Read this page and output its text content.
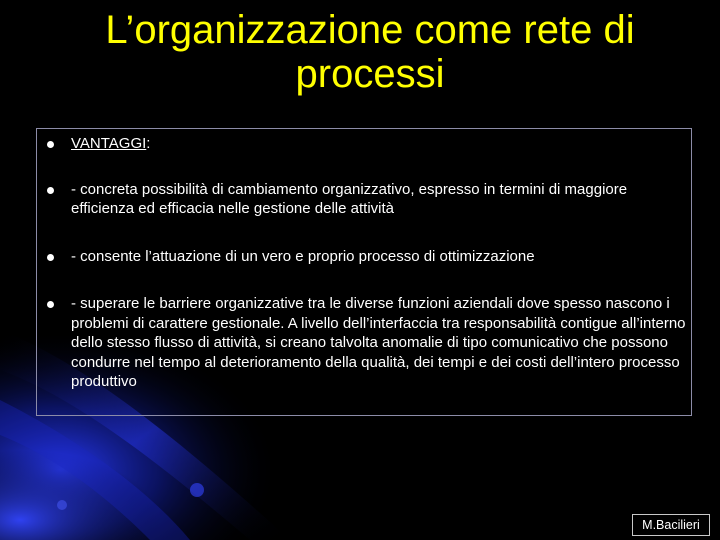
L’organizzazione come rete di processi
VANTAGGI:
- concreta possibilità di cambiamento organizzativo, espresso in termini di maggiore efficienza ed efficacia nelle gestione delle attività
- consente l’attuazione di un vero e proprio processo di ottimizzazione
- superare le barriere organizzative tra le diverse funzioni aziendali dove spesso nascono i problemi di carattere gestionale. A livello dell’interfaccia tra responsabilità contigue all’interno dello stesso flusso di attività, si creano talvolta anomalie di tipo comunicativo che possono condurre nel tempo al deterioramento della qualità, dei tempi e dei costi dell’intero processo produttivo
M.Bacilieri
